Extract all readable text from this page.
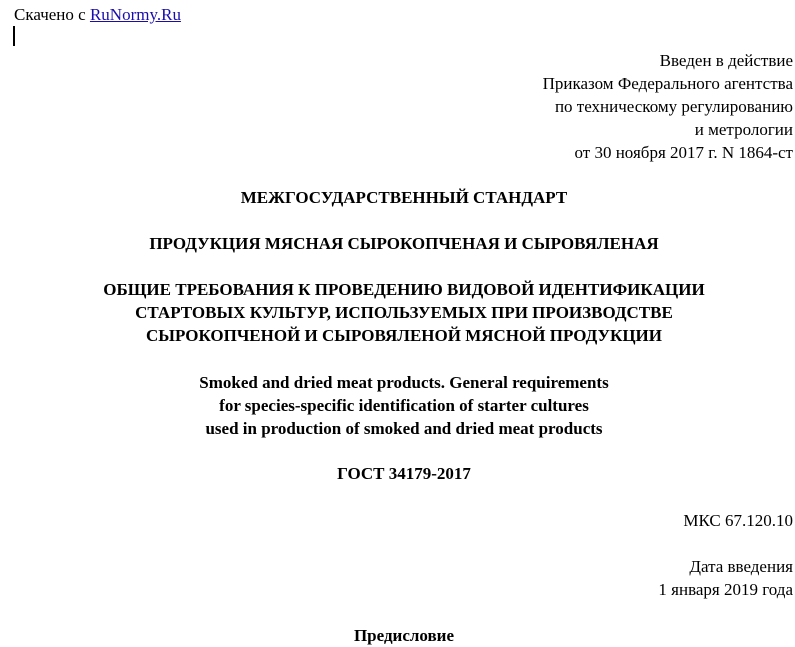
Скачено с RuNormy.Ru
Введен в действие
Приказом Федерального агентства
по техническому регулированию
и метрологии
от 30 ноября 2017 г. N 1864-ст
МЕЖГОСУДАРСТВЕННЫЙ СТАНДАРТ
ПРОДУКЦИЯ МЯСНАЯ СЫРОКОПЧЕНАЯ И СЫРОВЯЛЕНАЯ
ОБЩИЕ ТРЕБОВАНИЯ К ПРОВЕДЕНИЮ ВИДОВОЙ ИДЕНТИФИКАЦИИ
СТАРТОВЫХ КУЛЬТУР, ИСПОЛЬЗУЕМЫХ ПРИ ПРОИЗВОДСТВЕ
СЫРОКОПЧЕНОЙ И СЫРОВЯЛЕНОЙ МЯСНОЙ ПРОДУКЦИИ
Smoked and dried meat products. General requirements
for species-specific identification of starter cultures
used in production of smoked and dried meat products
ГОСТ 34179-2017
МКС 67.120.10
Дата введения
1 января 2019 года
Предисловие
